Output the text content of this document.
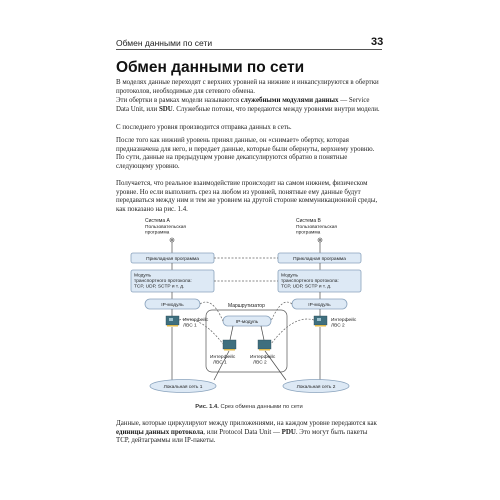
Обмен данными по сети	33
Обмен данными по сети
В моделях данные переходят с верхних уровней на нижние и инкапсулируются в обертки протоколов, необходимые для сетевого обмена.
Эти обертки в рамках модели называются служебными модулями данных — Service Data Unit, или SDU. Служебные потоки, что передаются между уровнями внутри модели.
С последнего уровня производится отправка данных в сеть.
После того как нижний уровень принял данные, он «снимает» обертку, которая предназначена для него, и передает данные, которые были обернуты, верхнему уровню. По сути, данные на предыдущем уровне декапсулируются обратно в понятные следующему уровню.
Получается, что реальное взаимодействие происходит на самом нижнем, физическом уровне. Но если выполнить срез на любом из уровней, понятные ему данные будут передаваться между ним и тем же уровнем на другой стороне коммуникационной среды, как показано на рис. 1.4.
Система А
Пользовательская
программа
Прикладная программа
Модуль
транспортного протокола:
TCP, UDP, SCTP и т. д.
IP-модуль
Интерфейс
ЛВС 1
Локальная сеть 1
Система В
Пользовательская
программа
Прикладная программа
Модуль
транспортного протокола:
TCP, UDP, SCTP и т. д.
IP-модуль
Интерфейс
ЛВС 2
Локальная сеть 2
Маршрутизатор
IP-модуль
Интерфейс
ЛВС 1
Интерфейс
ЛВС 2
Рис. 1.4. Срез обмена данными по сети
Данные, которые циркулируют между приложениями, на каждом уровне передаются как единицы данных протокола, или Protocol Data Unit — PDU. Это могут быть пакеты TCP, дейтаграммы или IP-пакеты.
